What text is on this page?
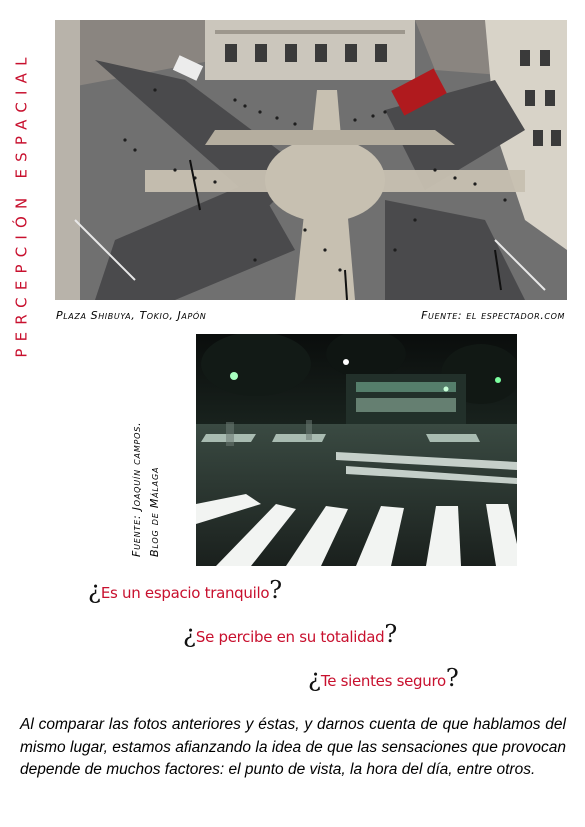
PERCEPCIÓN ESPACIAL Plaza Shibuya, Tokio, Japón	Fuente: el espectador.com
Fuente: Joaquín campos. Blog de Málaga
¿Es un espacio tranquilo?
¿Se percibe en su totalidad?
¿Te sientes seguro?
Al comparar las fotos anteriores y éstas, y darnos cuenta de que hablamos del mismo lugar, estamos afianzando la idea de que las sensaciones que provocan depende de muchos factores: el punto de vista, la hora del día, entre otros.
